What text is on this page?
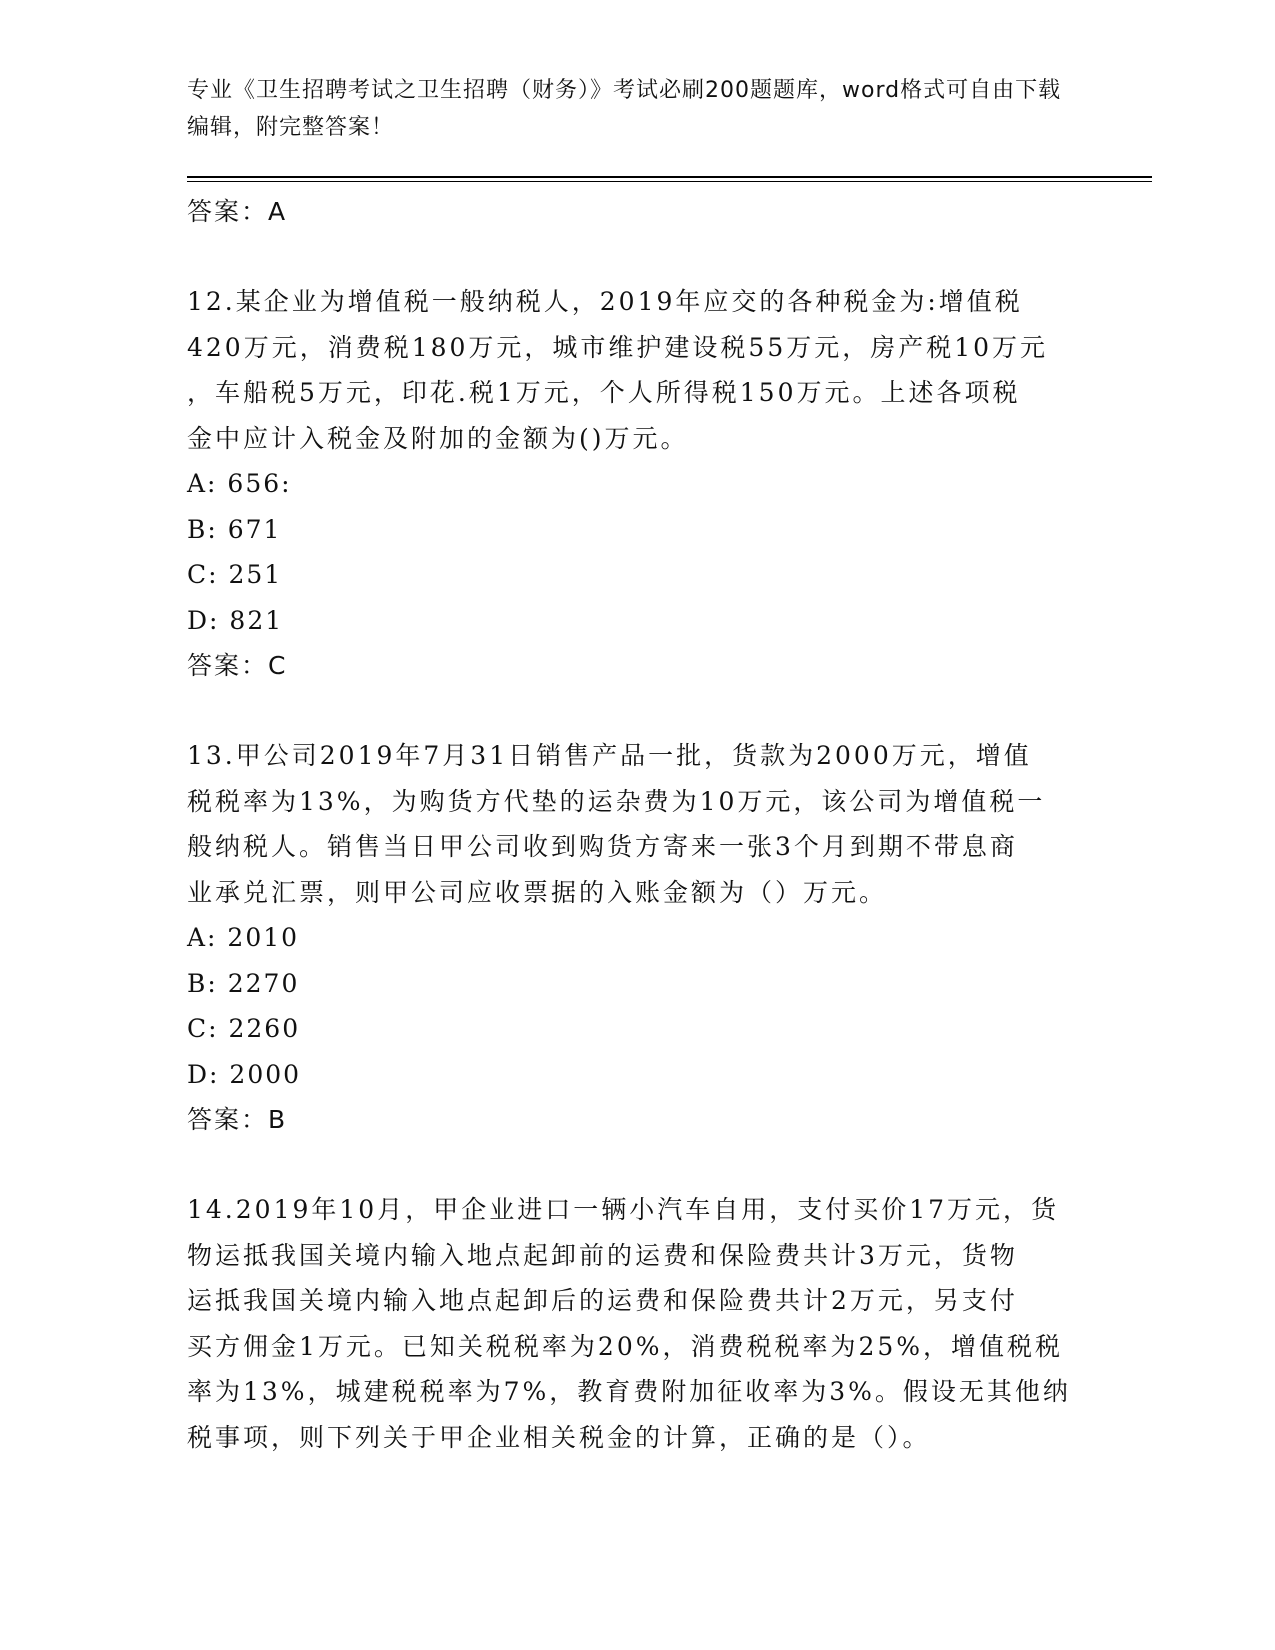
专业《卫生招聘考试之卫生招聘（财务）》考试必刷200题题库，word格式可自由下载编辑，附完整答案！
答案：A
12.某企业为增值税一般纳税人，2019年应交的各种税金为:增值税
420万元，消费税180万元，城市维护建设税55万元，房产税10万元
，车船税5万元，印花.税1万元，个人所得税150万元。上述各项税
金中应计入税金及附加的金额为()万元。
A: 656:
B: 671
C: 251
D: 821
答案：C
13.甲公司2019年7月31日销售产品一批，货款为2000万元，增值
税税率为13%，为购货方代垫的运杂费为10万元，该公司为增值税一
般纳税人。销售当日甲公司收到购货方寄来一张3个月到期不带息商
业承兑汇票，则甲公司应收票据的入账金额为（）万元。
A: 2010
B: 2270
C: 2260
D: 2000
答案：B
14.2019年10月，甲企业进口一辆小汽车自用，支付买价17万元，货
物运抵我国关境内输入地点起卸前的运费和保险费共计3万元，货物
运抵我国关境内输入地点起卸后的运费和保险费共计2万元，另支付
买方佣金1万元。已知关税税率为20%，消费税税率为25%，增值税税
率为13%，城建税税率为7%，教育费附加征收率为3%。假设无其他纳
税事项，则下列关于甲企业相关税金的计算，正确的是（）。
